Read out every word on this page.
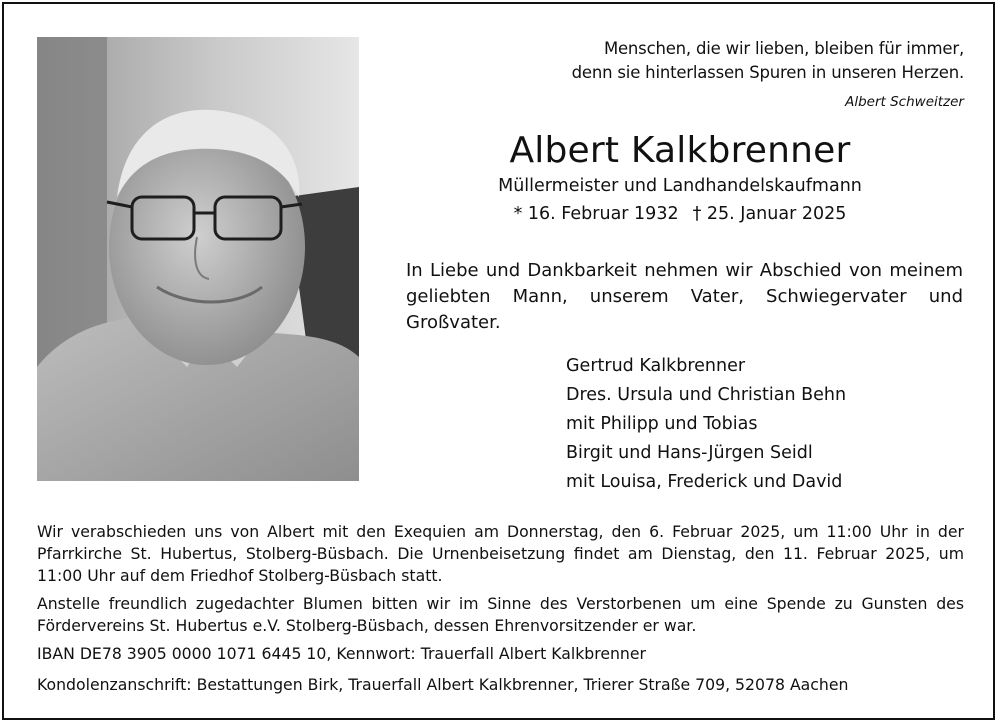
Menschen, die wir lieben, bleiben für immer,
denn sie hinterlassen Spuren in unseren Herzen.
Albert Schweitzer
Albert Kalkbrenner
Müllermeister und Landhandelskaufmann
* 16. Februar 1932 † 25. Januar 2025
In Liebe und Dankbarkeit nehmen wir Abschied von meinem geliebten Mann, unserem Vater, Schwiegervater und Großvater.
Gertrud Kalkbrenner
Dres. Ursula und Christian Behn
mit Philipp und Tobias
Birgit und Hans-Jürgen Seidl
mit Louisa, Frederick und David
Wir verabschieden uns von Albert mit den Exequien am Donnerstag, den 6. Februar 2025, um 11:00 Uhr in der Pfarrkirche St. Hubertus, Stolberg-Büsbach. Die Urnenbeisetzung findet am Dienstag, den 11. Februar 2025, um 11:00 Uhr auf dem Friedhof Stolberg-Büsbach statt.
Anstelle freundlich zugedachter Blumen bitten wir im Sinne des Verstorbenen um eine Spende zu Gunsten des Fördervereins St. Hubertus e.V. Stolberg-Büsbach, dessen Ehrenvorsitzender er war.
IBAN DE78 3905 0000 1071 6445 10, Kennwort: Trauerfall Albert Kalkbrenner
Kondolenzanschrift: Bestattungen Birk, Trauerfall Albert Kalkbrenner, Trierer Straße 709, 52078 Aachen
